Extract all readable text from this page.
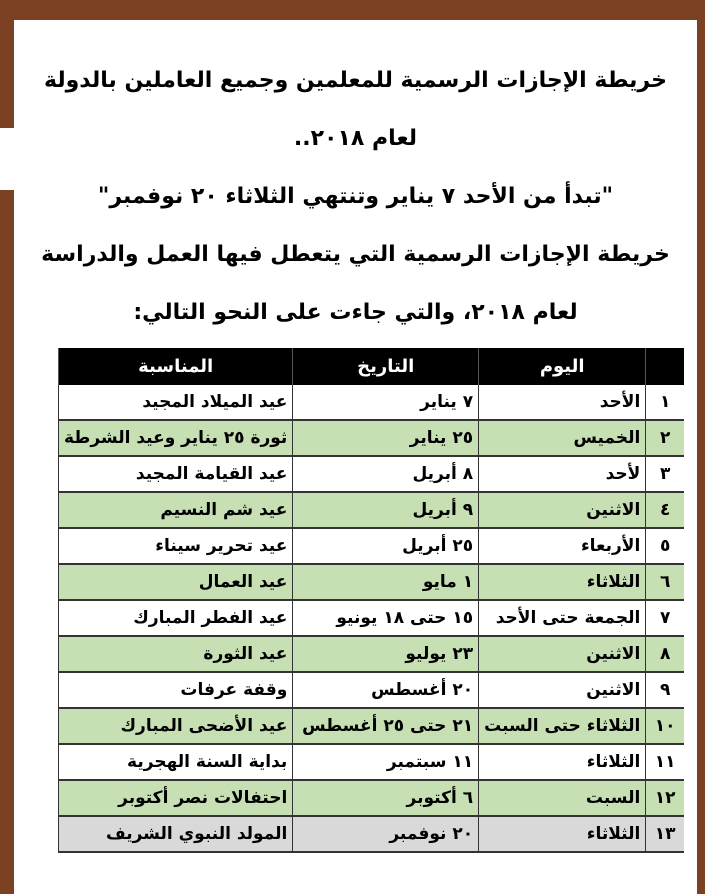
خريطة الإجازات الرسمية للمعلمين وجميع العاملين بالدولة
لعام ٢٠١٨..
"تبدأ من الأحد ٧ يناير وتنتهي الثلاثاء ٢٠ نوفمبر"
خريطة الإجازات الرسمية التي يتعطل فيها العمل والدراسة
لعام ٢٠١٨، والتي جاءت على النحو التالي:
	اليوم	التاريخ	المناسبة
١	الأحد	٧ يناير	عيد الميلاد المجيد
٢	الخميس	٢٥ يناير	ثورة ٢٥ يناير وعيد الشرطة
٣	لأحد	٨ أبريل	عيد القيامة المجيد
٤	الاثنين	٩ أبريل	عيد شم النسيم
٥	الأربعاء	٢٥ أبريل	عيد تحرير سيناء
٦	الثلاثاء	١ مايو	عيد العمال
٧	الجمعة حتى الأحد	١٥ حتى ١٨ يونيو	عيد الفطر المبارك
٨	الاثنين	٢٣ يوليو	عيد الثورة
٩	الاثنين	٢٠ أغسطس	وقفة عرفات
١٠	الثلاثاء حتى السبت	٢١ حتى ٢٥ أغسطس	عيد الأضحى المبارك
١١	الثلاثاء	١١ سبتمبر	بداية السنة الهجرية
١٢	السبت	٦ أكتوبر	احتفالات نصر أكتوبر
١٣	الثلاثاء	٢٠ نوفمبر	المولد النبوي الشريف
